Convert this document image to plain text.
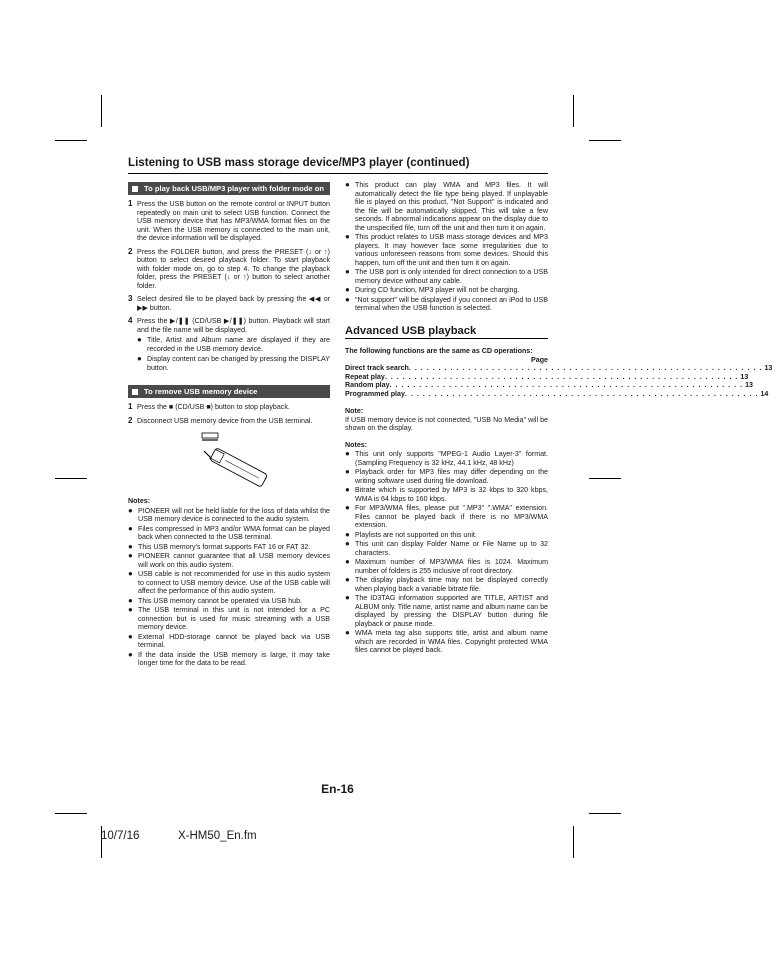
Listening to USB mass storage device/MP3 player (continued)
To play back USB/MP3 player with folder mode on
1 Press the USB button on the remote control or INPUT button repeatedly on main unit to select USB function. Connect the USB memory device that has MP3/WMA format files on the unit. When the USB memory is connected to the main unit, the device information will be displayed.
2 Press the FOLDER button, and press the PRESET (↓ or ↑) button to select desired playback folder. To start playback with folder mode on, go to step 4. To change the playback folder, press the PRESET (↓ or ↑) button to select another folder.
3 Select desired file to be played back by pressing the ◀◀ or ▶▶ button.
4 Press the ▶/❚❚ (CD/USB ▶/❚❚) button. Playback will start and the file name will be displayed.
● Title, Artist and Album name are displayed if they are recorded in the USB memory device.
● Display content can be changed by pressing the DISPLAY button.
To remove USB memory device
1 Press the ■ (CD/USB ■) button to stop playback.
2 Disconnect USB memory device from the USB terminal.
Notes:
● PIONEER will not be held liable for the loss of data whilst the USB memory device is connected to the audio system.
● Files compressed in MP3 and/or WMA format can be played back when connected to the USB terminal.
● This USB memory's format supports FAT 16 or FAT 32.
● PIONEER cannot guarantee that all USB memory devices will work on this audio system.
● USB cable is not recommended for use in this audio system to connect to USB memory device. Use of the USB cable will affect the performance of this audio system.
● This USB memory cannot be operated via USB hub.
● The USB terminal in this unit is not intended for a PC connection but is used for music streaming with a USB memory device.
● External HDD-storage cannot be played back via USB terminal.
● If the data inside the USB memory is large, it may take longer time for the data to be read.
● This product can play WMA and MP3 files. It will automatically detect the file type being played. If unplayable file is played on this product, "Not Support" is indicated and the file will be automatically skipped. This will take a few seconds. If abnormal indications appear on the display due to the unspecified file, turn off the unit and then turn it on again.
● This product relates to USB mass storage devices and MP3 players. It may however face some irregularities due to various unforeseen reasons from some devices. Should this happen, turn off the unit and then turn it on again.
● The USB port is only intended for direct connection to a USB memory device without any cable.
● During CD function, MP3 player will not be charging.
● "Not support" will be displayed if you connect an iPod to USB terminal when the USB function is selected.
Advanced USB playback
The following functions are the same as CD operations:
Page
Direct track search . . . . . . . . . . . . . . . . . . . . . . . . . . . . . . . . . . . . . . . . . . . . . . . . . . . . . . . . . . . . 13
Repeat play . . . . . . . . . . . . . . . . . . . . . . . . . . . . . . . . . . . . . . . . . . . . . . . . . . . . . . . . . . . . 13
Random play . . . . . . . . . . . . . . . . . . . . . . . . . . . . . . . . . . . . . . . . . . . . . . . . . . . . . . . . . . . . 13
Programmed play . . . . . . . . . . . . . . . . . . . . . . . . . . . . . . . . . . . . . . . . . . . . . . . . . . . . . . . . . . . . 14
Note:
If USB memory device is not connected, "USB No Media" will be shown on the display.
Notes:
● This unit only supports "MPEG-1 Audio Layer-3" format. (Sampling Frequency is 32 kHz, 44.1 kHz, 48 kHz)
● Playback order for MP3 files may differ depending on the writing software used during file download.
● Bitrate which is supported by MP3 is 32 kbps to 320 kbps, WMA is 64 kbps to 160 kbps.
● For MP3/WMA files, please put ".MP3" ".WMA" extension. Files cannot be played back if there is no MP3/WMA extension.
● Playlists are not supported on this unit.
● This unit can display Folder Name or File Name up to 32 characters.
● Maximum number of MP3/WMA files is 1024. Maximum number of folders is 255 inclusive of root directory.
● The display playback time may not be displayed correctly when playing back a variable bitrate file.
● The ID3TAG information supported are TITLE, ARTIST and ALBUM only. Title name, artist name and album name can be displayed by pressing the DISPLAY button during file playback or pause mode.
● WMA meta tag also supports title, artist and album name which are recorded in WMA files. Copyright protected WMA files cannot be played back.
En-16
10/7/16	X-HM50_En.fm
